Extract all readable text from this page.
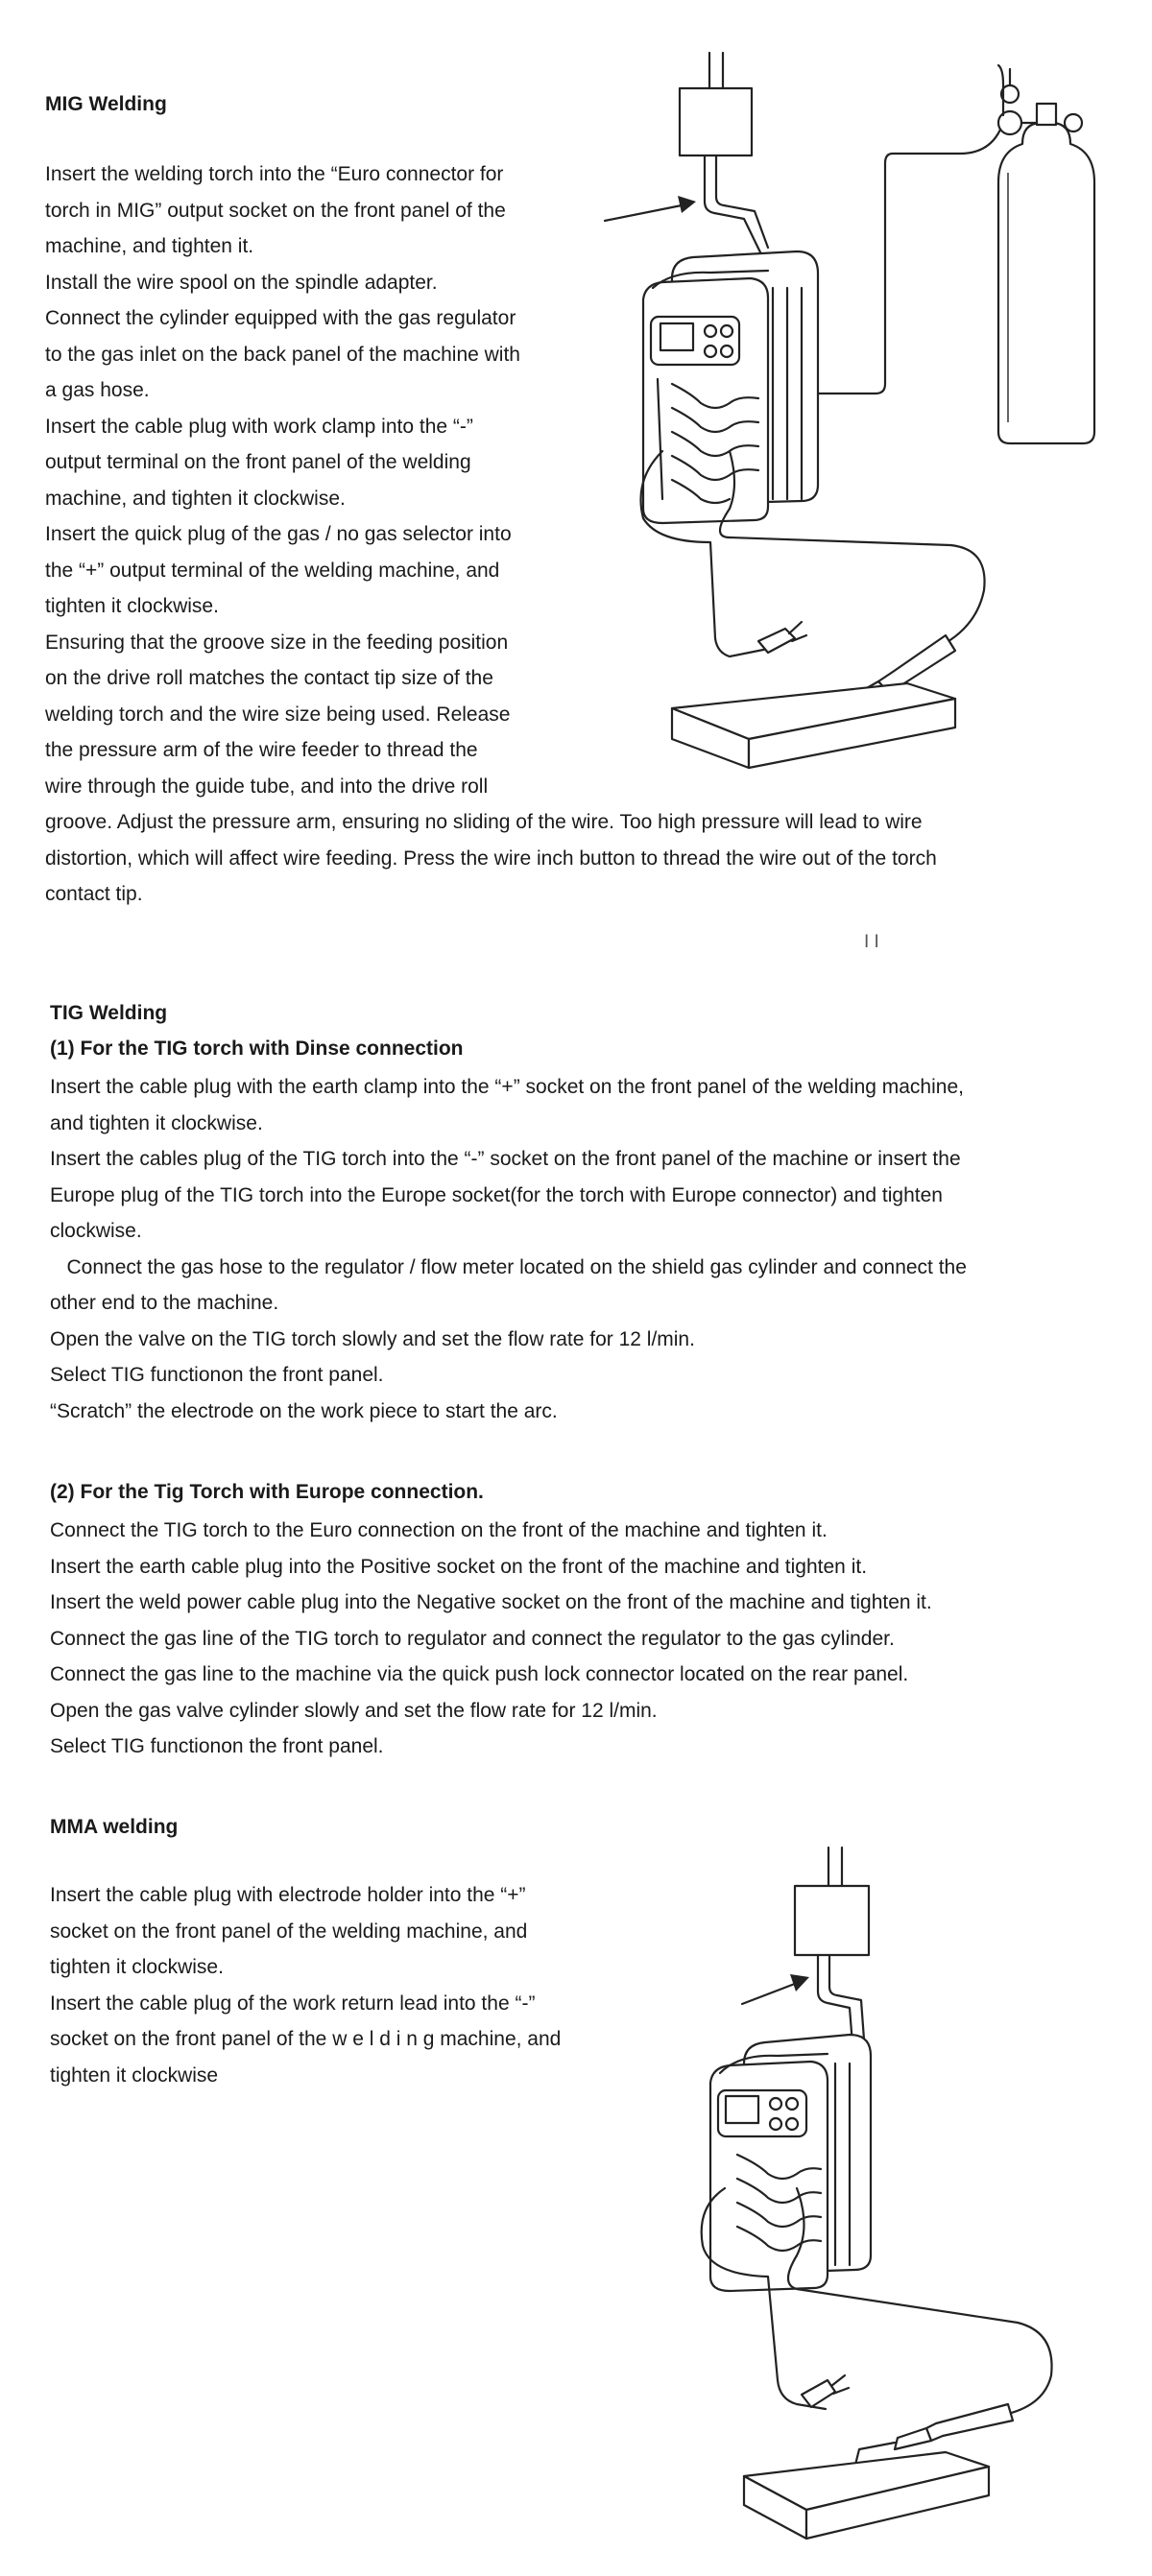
MIG Welding
Insert the welding torch into the “Euro connector for
torch in MIG” output socket on the front panel of the
machine, and tighten it.
Install the wire spool on the spindle adapter.
Connect the cylinder equipped with the gas regulator
to the gas inlet on the back panel of the machine with
a gas hose.
Insert the cable plug with work clamp into the “-”
output terminal on the front panel of the welding
machine, and tighten it clockwise.
Insert the quick plug of the gas / no gas selector into
the “+” output terminal of the welding machine, and
tighten it clockwise.
Ensuring that the groove size in the feeding position
on the drive roll matches the contact tip size of the
welding torch and the wire size being used. Release
the pressure arm of the wire feeder to thread the
wire through the guide tube, and into the drive roll
groove. Adjust the pressure arm, ensuring no sliding of the wire. Too high pressure will lead to wire
distortion, which will affect wire feeding. Press the wire inch button to thread the wire out of the torch
contact tip.
I I
TIG Welding
(1) For the TIG torch with Dinse connection
Insert the cable plug with the earth clamp into the “+” socket on the front panel of the welding machine,
and tighten it clockwise.
Insert the cables plug of the TIG torch into the “-” socket on the front panel of the machine or insert the
Europe plug of the TIG torch into the Europe socket(for the torch with Europe connector) and tighten
clockwise.
Connect the gas hose to the regulator / flow meter located on the shield gas cylinder and connect the
other end to the machine.
Open the valve on the TIG torch slowly and set the flow rate for 12 l/min.
Select TIG functionon the front panel.
“Scratch” the electrode on the work piece to start the arc.
(2) For the Tig Torch with Europe connection.
Connect the TIG torch to the Euro connection on the front of the machine and tighten it.
Insert the earth cable plug into the Positive socket on the front of the machine and tighten it.
Insert the weld power cable plug into the Negative socket on the front of the machine and tighten it.
Connect the gas line of the TIG torch to regulator and connect the regulator to the gas cylinder.
Connect the gas line to the machine via the quick push lock connector located on the rear panel.
Open the gas valve cylinder slowly and set the flow rate for 12 l/min.
Select TIG functionon the front panel.
MMA welding
Insert the cable plug with electrode holder into the “+”
socket on the front panel of the welding machine, and
tighten it clockwise.
Insert the cable plug of the work return lead into the “-”
socket on the front panel of the w e l d i n g machine, and
tighten it clockwise
